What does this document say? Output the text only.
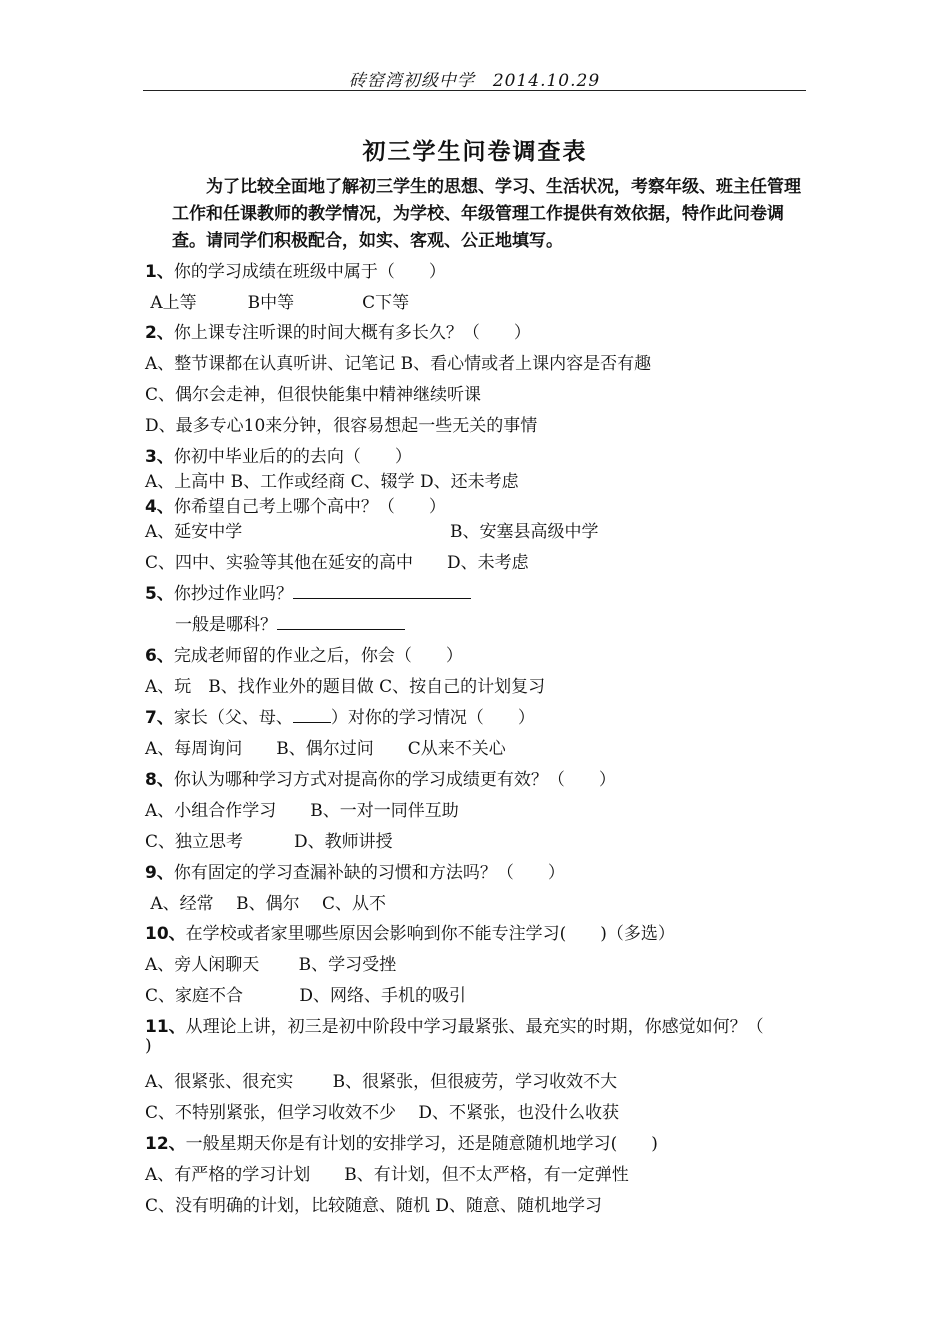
砖窑湾初级中学　2014.10.29
初三学生问卷调查表
为了比较全面地了解初三学生的思想、学习、生活状况，考察年级、班主任管理工作和任课教师的教学情况，为学校、年级管理工作提供有效依据，特作此问卷调查。请同学们积极配合，如实、客观、公正地填写。
1、你的学习成绩在班级中属于（　　）
A上等　　　B中等　　　　C下等
2、你上课专注听课的时间大概有多长久？（　　）
A、整节课都在认真听讲、记笔记 B、看心情或者上课内容是否有趣
C、偶尔会走神，但很快能集中精神继续听课
D、最多专心10来分钟，很容易想起一些无关的事情
3、你初中毕业后的的去向（　　）
A、上高中 B、工作或经商 C、辍学 D、还未考虑
4、你希望自己考上哪个高中？（　　）
A、延安中学	B、安塞县高级中学
C、四中、实验等其他在延安的高中　　D、未考虑
5、你抄过作业吗？
一般是哪科？
6、完成老师留的作业之后，你会（　　）
A、玩　B、找作业外的题目做 C、按自己的计划复习
7、家长（父、母、 ）对你的学习情况（　　）
A、每周询问　　B、偶尔过问　　C从来不关心
8、你认为哪种学习方式对提高你的学习成绩更有效？（　　）
A、小组合作学习　　B、一对一同伴互助
C、独立思考　　　D、教师讲授
9、你有固定的学习查漏补缺的习惯和方法吗？（　　）
A、经常　 B、偶尔　 C、从不
10、在学校或者家里哪些原因会影响到你不能专注学习(　　)（多选）
A、旁人闲聊天　　 B、学习受挫
C、家庭不合　　　 D、网络、手机的吸引
11、从理论上讲，初三是初中阶段中学习最紧张、最充实的时期，你感觉如何？（
)
A、很紧张、很充实　　 B、很紧张，但很疲劳，学习收效不大
C、不特别紧张，但学习收效不少　 D、不紧张，也没什么收获
12、一般星期天你是有计划的安排学习，还是随意随机地学习(　　)
A、有严格的学习计划　　B、有计划，但不太严格，有一定弹性
C、没有明确的计划，比较随意、随机 D、随意、随机地学习
